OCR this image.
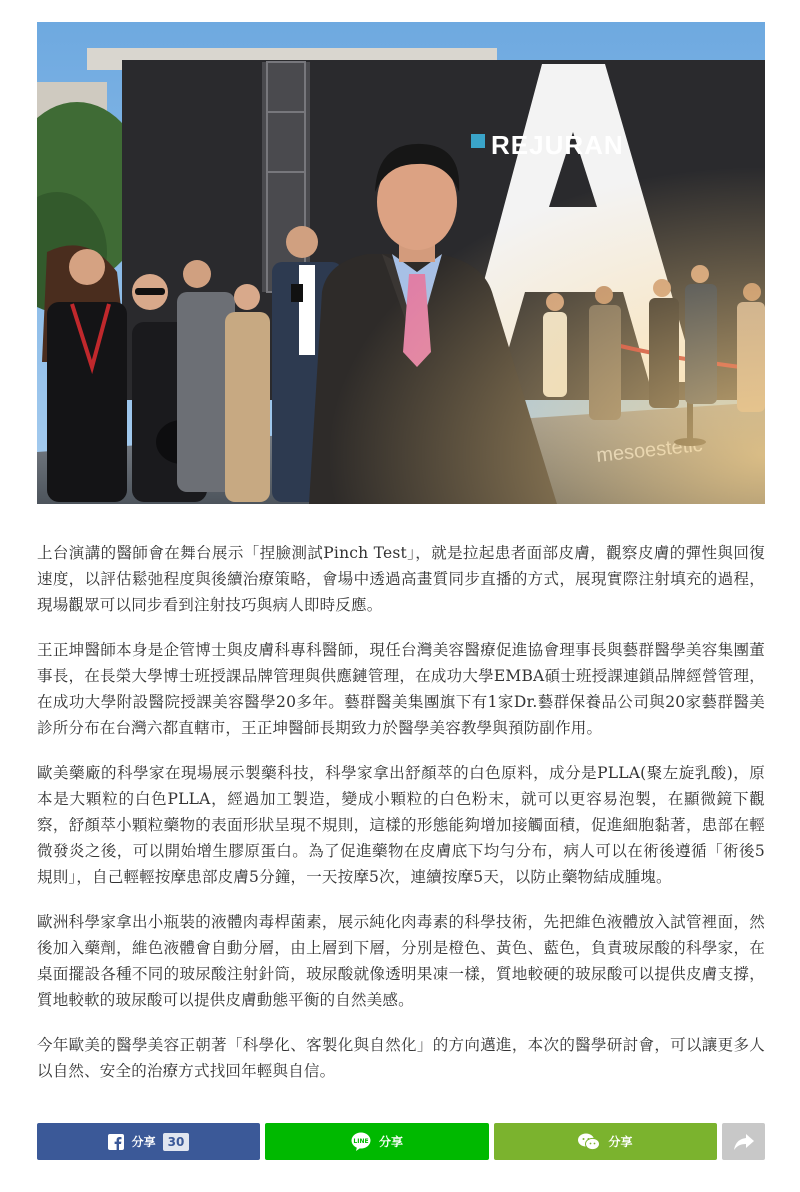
上台演講的醫師會在舞台展示「捏臉測試Pinch Test」，就是拉起患者面部皮膚，觀察皮膚的彈性與回復速度，以評估鬆弛程度與後續治療策略，會場中透過高畫質同步直播的方式，展現實際注射填充的過程，現場觀眾可以同步看到注射技巧與病人即時反應。

王正坤醫師本身是企管博士與皮膚科專科醫師，現任台灣美容醫療促進協會理事長與藝群醫學美容集團董事長，在長榮大學博士班授課品牌管理與供應鏈管理，在成功大學EMBA碩士班授課連鎖品牌經營管理，在成功大學附設醫院授課美容醫學20多年。藝群醫美集團旗下有1家Dr.藝群保養品公司與20家藝群醫美診所分布在台灣六都直轄市，王正坤醫師長期致力於醫學美容教學與預防副作用。

歐美藥廠的科學家在現場展示製藥科技，科學家拿出舒顏萃的白色原料，成分是PLLA(聚左旋乳酸)，原本是大顆粒的白色PLLA，經過加工製造，變成小顆粒的白色粉末，就可以更容易泡製，在顯微鏡下觀察，舒顏萃小顆粒藥物的表面形狀呈現不規則，這樣的形態能夠增加接觸面積，促進細胞黏著，患部在輕微發炎之後，可以開始增生膠原蛋白。為了促進藥物在皮膚底下均勻分布，病人可以在術後遵循「術後5規則」，自己輕輕按摩患部皮膚5分鐘，一天按摩5次，連續按摩5天，以防止藥物結成腫塊。

歐洲科學家拿出小瓶裝的液體肉毒桿菌素，展示純化肉毒素的科學技術，先把維色液體放入試管裡面，然後加入藥劑，維色液體會自動分層，由上層到下層，分別是橙色、黃色、藍色，負責玻尿酸的科學家，在桌面擺設各種不同的玻尿酸注射針筒，玻尿酸就像透明果凍一樣，質地較硬的玻尿酸可以提供皮膚支撐，質地較軟的玻尿酸可以提供皮膚動態平衡的自然美感。

今年歐美的醫學美容正朝著「科學化、客製化與自然化」的方向邁進，本次的醫學研討會，可以讓更多人以自然、安全的治療方式找回年輕與自信。

分享	30	LINE 分享	分享
